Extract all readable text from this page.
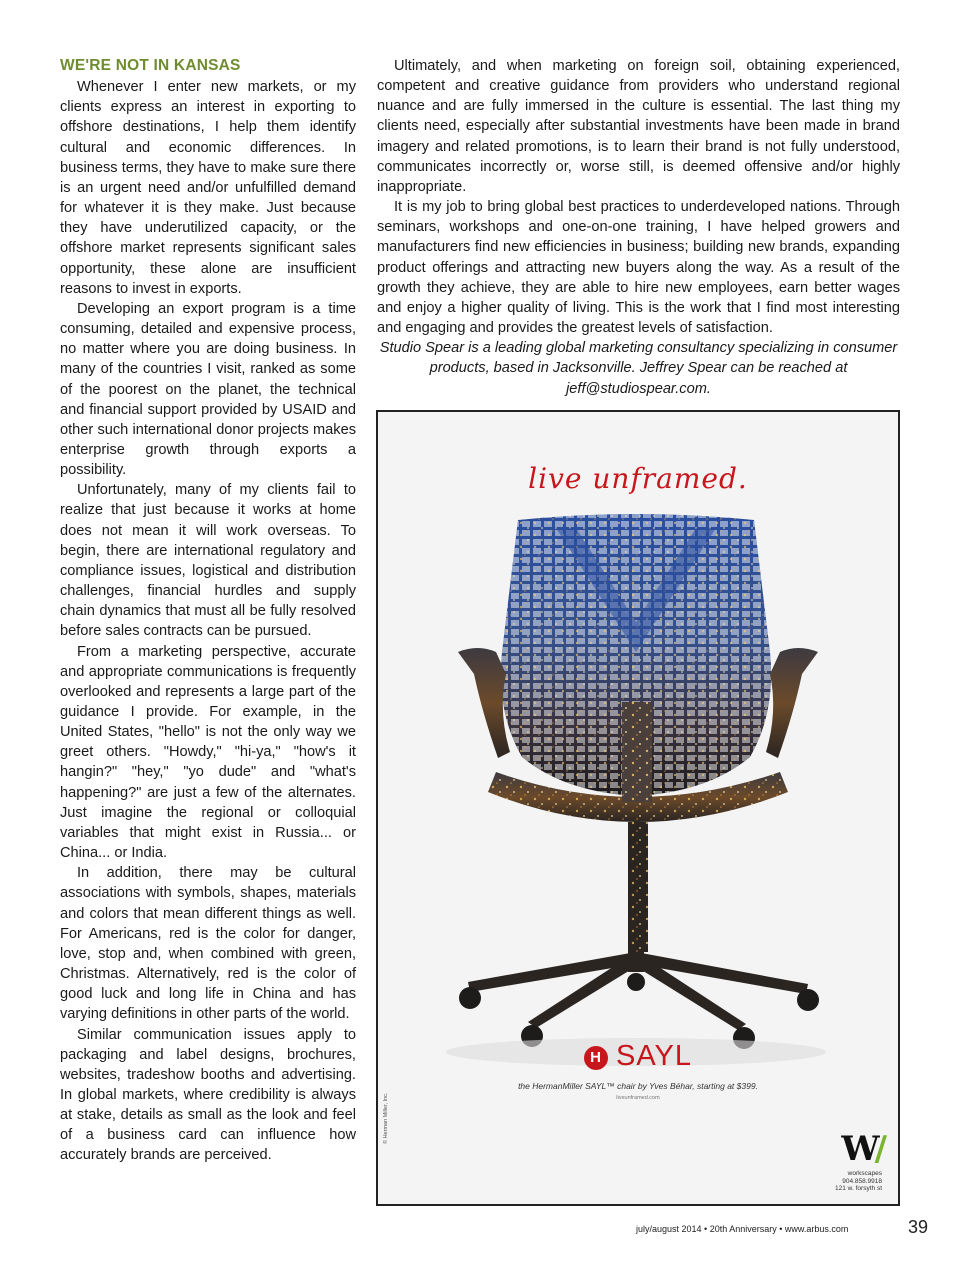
WE'RE NOT IN KANSAS

Whenever I enter new markets, or my clients express an interest in exporting to offshore destinations, I help them identify cultural and economic differences. In business terms, they have to make sure there is an urgent need and/or unfulfilled demand for whatever it is they make. Just because they have underutilized capacity, or the offshore market represents significant sales opportunity, these alone are insufficient reasons to invest in exports.

Developing an export program is a time consuming, detailed and expensive process, no matter where you are doing business. In many of the countries I visit, ranked as some of the poorest on the planet, the technical and financial support provided by USAID and other such international donor projects makes enterprise growth through exports a possibility.

Unfortunately, many of my clients fail to realize that just because it works at home does not mean it will work overseas. To begin, there are international regulatory and compliance issues, logistical and distribution challenges, financial hurdles and supply chain dynamics that must all be fully resolved before sales contracts can be pursued.

From a marketing perspective, accurate and appropriate communications is frequently overlooked and represents a large part of the guidance I provide. For example, in the United States, "hello" is not the only way we greet others. "Howdy," "hi-ya," "how's it hangin?" "hey," "yo dude" and "what's happening?" are just a few of the alternates. Just imagine the regional or colloquial variables that might exist in Russia... or China... or India.

In addition, there may be cultural associations with symbols, shapes, materials and colors that mean different things as well. For Americans, red is the color for danger, love, stop and, when combined with green, Christmas. Alternatively, red is the color of good luck and long life in China and has varying definitions in other parts of the world.

Similar communication issues apply to packaging and label designs, brochures, websites, tradeshow booths and advertising. In global markets, where credibility is always at stake, details as small as the look and feel of a business card can influence how accurately brands are perceived.

Ultimately, and when marketing on foreign soil, obtaining experienced, competent and creative guidance from providers who understand regional nuance and are fully immersed in the culture is essential. The last thing my clients need, especially after substantial investments have been made in brand imagery and related promotions, is to learn their brand is not fully understood, communicates incorrectly or, worse still, is deemed offensive and/or highly inappropriate.

It is my job to bring global best practices to underdeveloped nations. Through seminars, workshops and one-on-one training, I have helped growers and manufacturers find new efficiencies in business; building new brands, expanding product offerings and attracting new buyers along the way. As a result of the growth they achieve, they are able to hire new employees, earn better wages and enjoy a higher quality of living. This is the work that I find most interesting and engaging and provides the greatest levels of satisfaction.

Studio Spear is a leading global marketing consultancy specializing in consumer products, based in Jacksonville. Jeffrey Spear can be reached at jeff@studiospear.com.

live unframed.
H SAYL
the HermanMiller SAYL™ chair by Yves Béhar, starting at $399.
liveunframed.com
© Herman Miller, Inc.
W/
workscapes
904.858.9918
121 w. forsyth st
july/august 2014 • 20th Anniversary • www.arbus.com	39
